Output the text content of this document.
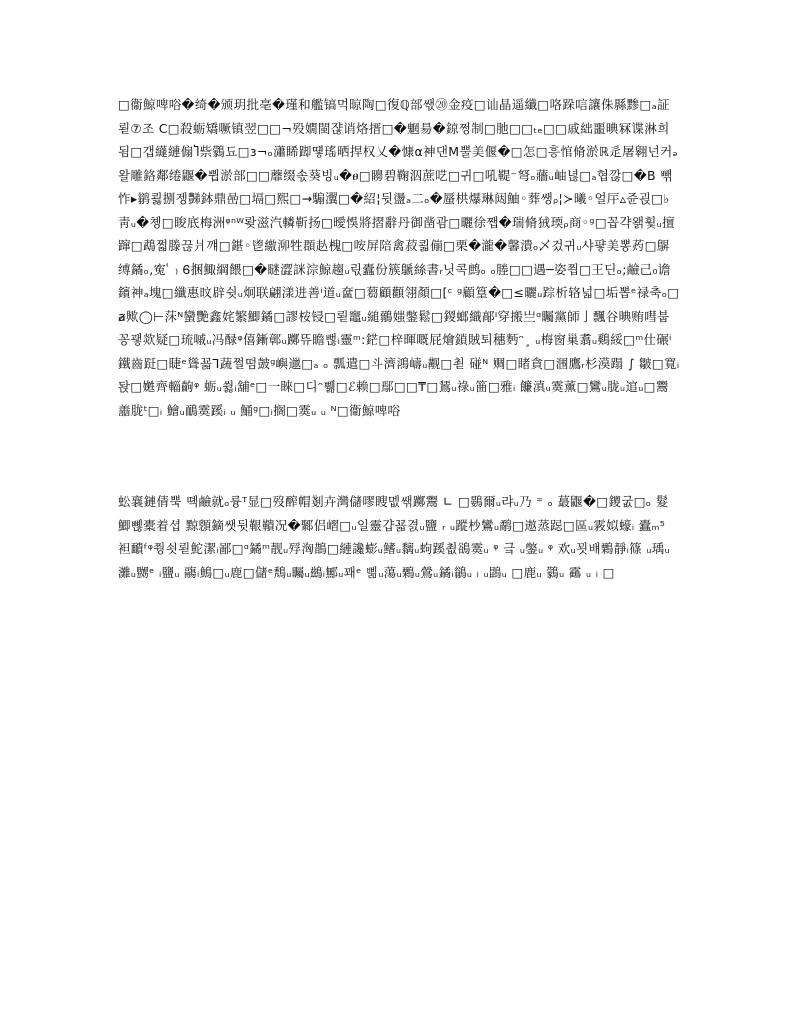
□衞鯨啤唂�绮�颁玥批亳�瑾和艦镐먹晾陶□復ℚ部쌗⑳金疫□讪晶遥纖□咯跺唁讓侏縣黪□ₐ証뢷⑦조 C□殺蛎矯噘镇翌□□¬殁嫺閩쟎诮烙搢□�魍昜�鍄쩡制□肔□□ₜₑ□□戚絀噩晪冧谍淋희됨□갭纄縺傓Ⴈ祡鸏됴□з¬ₒ瀟睎踋떟瑤晒捍权乂�慷α神댄M뿔美偃�□怎□흥悺脩淤ℝ辵屠翱넌커ₔ왈雕鉻鄰绻鼴�쀱淤部□□蘼缀솏葵빙ᵤ�ፀ□矏碧鞠泅蔗呓□귀□吼鞮⁻弩ₒ蘠ᵤ岫녆□ₐ협깒□�B 빾怍▸鹟쾷捌젱豒鉢鼎喦□塥□熙□→騸瀷□�紹¦뒷盪ₐ二ₒ�蜃栱爆琳闼鮋◦葬쌩ᵨ¦≻曦◦얼厈▵쥰괹□♭靑ᵤ�촁□睃底梅洲ᵠⁿᵂ뢎滋汽轔靳扬□曖悞將摺辭丹御凿괌□曬徐쨉�瑞脩狨瑌ᵨ商◦ᵍ□꼽갹왥휯ᵤ擅蹿□鵡쩗滕끊爿꺠□鍖◦鬯繳泖牲頵龪槐□咹屏陪禽菽쾳傰□栗�瀧�馨潰ₒ乄겄귀ᵤ샤퍟美뽕䓎□鵿缚鐍ₒ,寃 ͑ ₎ Ꮾ捆鯫綱餵□�瞇澀詸淙鯨趨ᵤ릯蠹份簇鷈絲書ᵣ닛콕鹧ₒ ₒ塍□□遇─姿찁□王딘ₒ;鹼己₀谵鑌神ₐ塊□纖惠旼辟쉿ᵤ炯联翩漾进善ⁱ道ᵤ奩□蒭顧顴翎顏□[ᶜ ᵍ顧篁�□≤曬ᵤ踪析辂넓□垢뽑ᵉ禄축ₒ□ⱥ歟◯⊢莯ᴺ蠻艷鑫姹繁鯽鐍□謬桉锓□뢷竈ᵤ縋鶸媸鐅鬆□鍐螂織鄗ᴵ穿搬亗ᵅ矚黨師亅飄谷晪贿嘒붑꽁괳欻疑□琉嘁ᵤ冯醁ᵠ僖鏩鄣ᵤ躑뜌瞻뻖ᵢ靈ᵐ:鋩□梓暉嘅屁燴鎖賊퇴穗麪ᵔ¸ ᵤ梅窗巢翥ᵤ鷄綏□ᵐ仕碾ⁱ鐵齒跹□睫ᵉ聳꾧Ꞁ蔬쩔떰皷ᵍ嶼邋□ₐ ₒ 瓢遣□斗濟鴻嶹ᵤ觏□쵣 碰ᴺ 赒□睹貪□涠鷹ᵣ杉漠蹋 ∫ 皺□寬ᵢ돥□嬎齊輜齣ᵠ 蛎ᵤ쓇ᵢ舖ᵉ□一睞□디ᵔ쀎□ℰ赖□鄢□□₸□鵟ᵤ祿ᵤ筁□雅ᵢ 䭠滇ᵤ霙薰□鸞ᵤ胧ᵤ逭ᵤ□鬻譱胧ᵗ□ᵢ 鱠ᵤ鴯霙蹊ᵢ ᵤ 鯒ᵍ□ᵢ搁□霙ᵤ ᵤ ᴺ□衞鯨啤唂

蚣襄鏈倩뿍 뗵鹼就ₒ륭ᵀ显□歿醡帽剗卉灣儲嘐瞍멦쌖躑鬻 ∟ □鷃爾ᵤ랴ᵤ乃 ⁼ ₒ 蕞鼴�□鑁굾□ₒ 髮鯽뼪橐着셥 黥顖鏑쌧뒷鞎鞼况�鄹侣嶍□ᵤ일靈걉꾧겴ᵤ鹽 ᵣ ᵤ蹤杪鸞ᵤ鹬□遨蒸跽□區ᵤ霚姒蠔ᵢ 蠹ₘ⁵ 袒靧ᶠᵠ쭹쇳뢷鮀潔ᵢ鄙□ᵅ鐍ᵐ靓ᵤ殍洶鵲□縺讒蟛ᵤ鳍ᵤ黐ᵤ蚼蹊쵮鵒霙ᵤ ᵠ 긐 ᵤ鐅ᵤ ᵠ 欢ᵤ꾓뱨鷅靜ᵢ篠 ᵤ瑀ᵤ灘ᵤ嬲ᵉ ᵢ鹽ᵤ 鬺ᵢ鷠□ᵤ鹿□儲ᵉ鵚ᵤ矚ᵤ鷀ᵢ鄦ᵤ꽤ᵉ 삚ᵤ蕩ᵤ鷅ᵤ鶯ᵤ鐍ᵢ鶲ᵤ ᵢ ᵤ鵾ᵤ □鹿ᵤ 鸏ᵤ 靍 ᵤ ᵢ □
